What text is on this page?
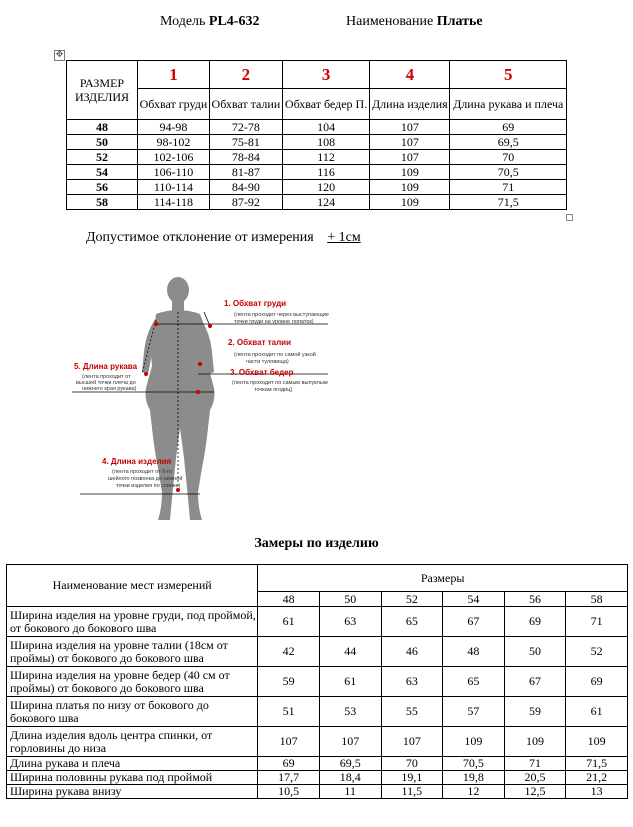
Модель PL4-632	Наименование Платье
✥
РАЗМЕР ИЗДЕЛИЯ	1	2	3	4	5
	Обхват груди	Обхват талии	Обхват бедер П.	Длина изделия	Длина рукава и плеча
48	94-98	72-78	104	107	69
50	98-102	75-81	108	107	69,5
52	102-106	78-84	112	107	70
54	106-110	81-87	116	109	70,5
56	110-114	84-90	120	109	71
58	114-118	87-92	124	109	71,5
Допустимое отклонение от измерения + 1см
1. Обхват груди
(лента проходит через выступающие
точки груди на уровне лопаток)
2. Обхват талии
(лента проходит по самой узкой
части туловища)
3. Обхват бедер
(лента проходит по самым выпуклым
точкам ягодиц)
5. Длина рукава
(лента проходит от
высшей точки плеча до
нижнего края рукава)
4. Длина изделия
(лента проходит от 6-го
шейного позвонка до нижней
точки изделия по спинке)
Замеры по изделию
Наименование мест измерений	Размеры					
	48	50	52	54	56	58
Ширина изделия на уровне груди, под проймой, от бокового до бокового шва	61	63	65	67	69	71
Ширина изделия на уровне талии (18см от проймы) от бокового до бокового шва	42	44	46	48	50	52
Ширина изделия на уровне бедер (40 см от проймы) от бокового до бокового шва	59	61	63	65	67	69
Ширина платья по низу от бокового до бокового шва	51	53	55	57	59	61
Длина изделия вдоль центра спинки, от горловины до низа	107	107	107	109	109	109
Длина рукава и плеча	69	69,5	70	70,5	71	71,5
Ширина половины рукава под проймой	17,7	18,4	19,1	19,8	20,5	21,2
Ширина рукава внизу	10,5	11	11,5	12	12,5	13
